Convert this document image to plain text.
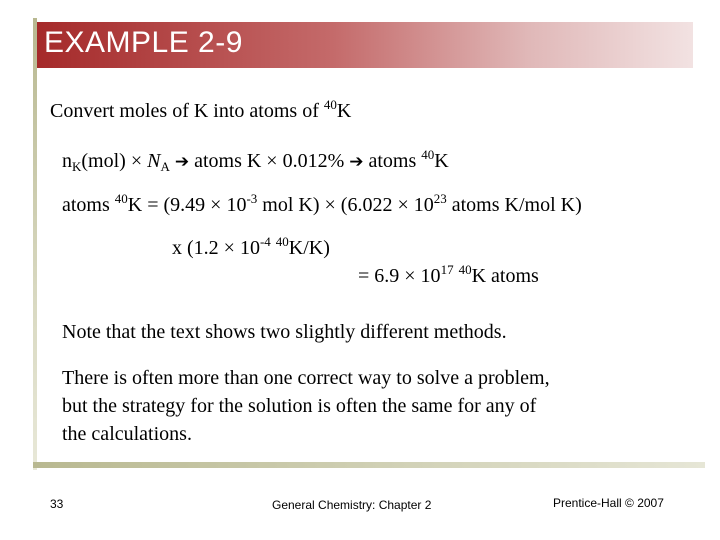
EXAMPLE 2-9
Convert moles of K into atoms of $^{40}$K
$n_K(mol) \times N_A$ ➔ atoms K × 0.012% ➔ atoms $^{40}$K
atoms $^{40}K = (9.49 \times 10^{-3}$ mol $K) \times (6.022 \times 10^{23}$ atoms K/mol K)
x ($1.2 \times 10^{-4}$ $^{40}$K/K)
= $6.9 \times 10^{17}$ $^{40}$K atoms
Note that the text shows two slightly different methods.
There is often more than one correct way to solve a problem,
but the strategy for the solution is often the same for any of
the calculations.
33	General Chemistry: Chapter 2	Prentice-Hall © 2007
